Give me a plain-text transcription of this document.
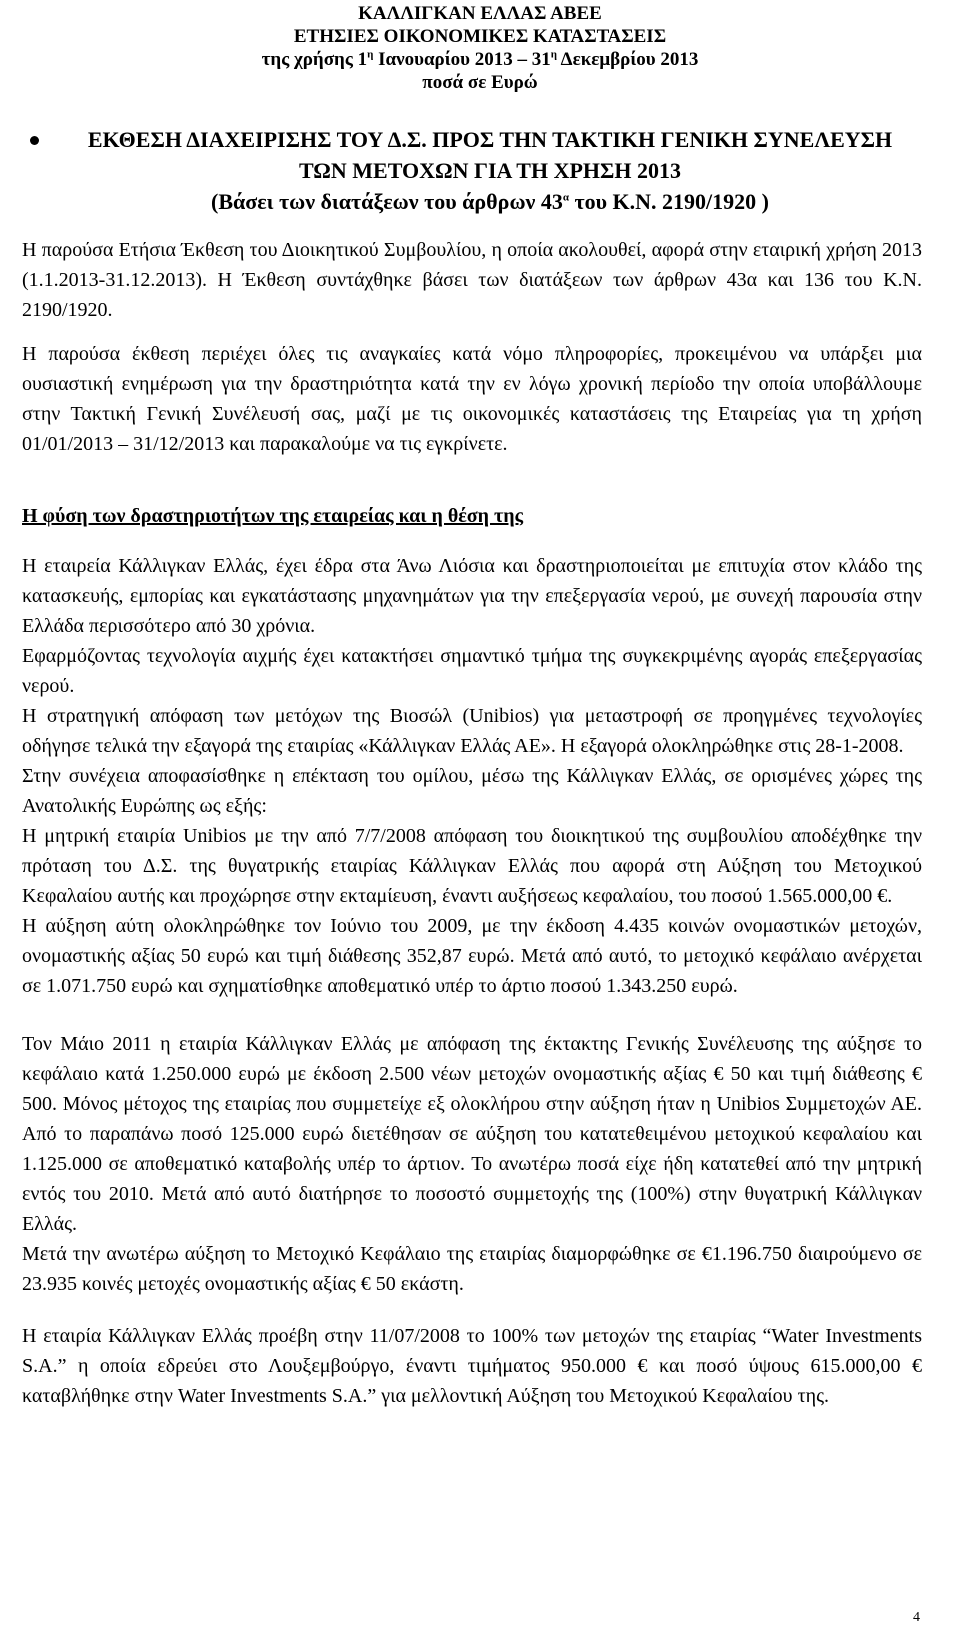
ΚΑΛΛΙΓΚΑΝ ΕΛΛΑΣ ΑΒΕΕ
ΕΤΗΣΙΕΣ ΟΙΚΟΝΟΜΙΚΕΣ ΚΑΤΑΣΤΑΣΕΙΣ
της χρήσης $1^\eta$ Ιανουαρίου $2013 - 31^\eta$ Δεκεμβρίου 2013
ποσά σε Ευρώ
ΕΚΘΕΣΗ ΔΙΑΧΕΙΡΙΣΗΣ ΤΟΥ Δ.Σ. ΠΡΟΣ ΤΗΝ ΤΑΚΤΙΚΗ ΓΕΝΙΚΗ ΣΥΝΕΛΕΥΣΗ
ΤΩΝ ΜΕΤΟΧΩΝ ΓΙΑ ΤΗ ΧΡΗΣΗ 2013
(Βάσει των διατάξεων του άρθρων $43^\alpha$ του Κ.Ν. 2190/1920 )

Η παρούσα Ετήσια Έκθεση του Διοικητικού Συμβουλίου, η οποία ακολουθεί, αφορά στην εταιρική χρήση 2013 (1.1.2013-31.12.2013). Η Έκθεση συντάχθηκε βάσει των διατάξεων των άρθρων 43α και 136 του Κ.Ν. 2190/1920.

Η παρούσα έκθεση περιέχει όλες τις αναγκαίες κατά νόμο πληροφορίες, προκειμένου να υπάρξει μια ουσιαστική ενημέρωση για την δραστηριότητα κατά την εν λόγω χρονική περίοδο την οποία υποβάλλουμε στην Τακτική Γενική Συνέλευσή σας, μαζί με τις οικονομικές καταστάσεις της Εταιρείας για τη χρήση 01/01/2013 – 31/12/2013 και παρακαλούμε να τις εγκρίνετε.

Η φύση των δραστηριοτήτων της εταιρείας και η θέση της

Η εταιρεία Κάλλιγκαν Ελλάς, έχει έδρα στα Άνω Λιόσια και δραστηριοποιείται με επιτυχία στον κλάδο της κατασκευής, εμπορίας και εγκατάστασης μηχανημάτων για την επεξεργασία νερού, με συνεχή παρουσία στην Ελλάδα περισσότερο από 30 χρόνια.

Εφαρμόζοντας τεχνολογία αιχμής έχει κατακτήσει σημαντικό τμήμα της συγκεκριμένης αγοράς επεξεργασίας νερού.

Η στρατηγική απόφαση των μετόχων της Βιοσώλ (Unibios) για μεταστροφή σε προηγμένες τεχνολογίες οδήγησε τελικά την εξαγορά της εταιρίας «Κάλλιγκαν Ελλάς ΑΕ». Η εξαγορά ολοκληρώθηκε στις 28-1-2008.

Στην συνέχεια αποφασίσθηκε η επέκταση του ομίλου, μέσω της Κάλλιγκαν Ελλάς, σε ορισμένες χώρες της Ανατολικής Ευρώπης ως εξής:

Η μητρική εταιρία Unibios με την από 7/7/2008 απόφαση του διοικητικού της συμβουλίου αποδέχθηκε την πρόταση του Δ.Σ. της θυγατρικής εταιρίας Κάλλιγκαν Ελλάς που αφορά στη Αύξηση του Μετοχικού Κεφαλαίου αυτής και προχώρησε στην εκταμίευση, έναντι αυξήσεως κεφαλαίου, του ποσού 1.565.000,00 €.

Η αύξηση αύτη ολοκληρώθηκε τον Ιούνιο του 2009, με την έκδοση 4.435 κοινών ονομαστικών μετοχών, ονομαστικής αξίας 50 ευρώ και τιμή διάθεσης 352,87 ευρώ. Μετά από αυτό, το μετοχικό κεφάλαιο ανέρχεται σε 1.071.750 ευρώ και σχηματίσθηκε αποθεματικό υπέρ το άρτιο ποσού 1.343.250 ευρώ.

Τον Μάιο 2011 η εταιρία Κάλλιγκαν Ελλάς με απόφαση της έκτακτης Γενικής Συνέλευσης της αύξησε το κεφάλαιο κατά 1.250.000 ευρώ με έκδοση 2.500 νέων μετοχών ονομαστικής αξίας € 50 και τιμή διάθεσης € 500. Μόνος μέτοχος της εταιρίας που συμμετείχε εξ ολοκλήρου στην αύξηση ήταν η Unibios Συμμετοχών ΑΕ. Από το παραπάνω ποσό 125.000 ευρώ διετέθησαν σε αύξηση του κατατεθειμένου μετοχικού κεφαλαίου και 1.125.000 σε αποθεματικό καταβολής υπέρ το άρτιον. Το ανωτέρω ποσά είχε ήδη κατατεθεί από την μητρική εντός του 2010. Μετά από αυτό διατήρησε το ποσοστό συμμετοχής της (100%) στην θυγατρική Κάλλιγκαν Ελλάς.

Μετά την ανωτέρω αύξηση το Μετοχικό Κεφάλαιο της εταιρίας διαμορφώθηκε σε €1.196.750 διαιρούμενο σε 23.935 κοινές μετοχές ονομαστικής αξίας € 50 εκάστη.

Η εταιρία Κάλλιγκαν Ελλάς προέβη στην 11/07/2008 το 100% των μετοχών της εταιρίας “Water Investments S.A.” η οποία εδρεύει στο Λουξεμβούργο, έναντι τιμήματος 950.000 € και ποσό ύψους 615.000,00 € καταβλήθηκε στην Water Investments S.A.” για μελλοντική Αύξηση του Μετοχικού Κεφαλαίου της.

4
